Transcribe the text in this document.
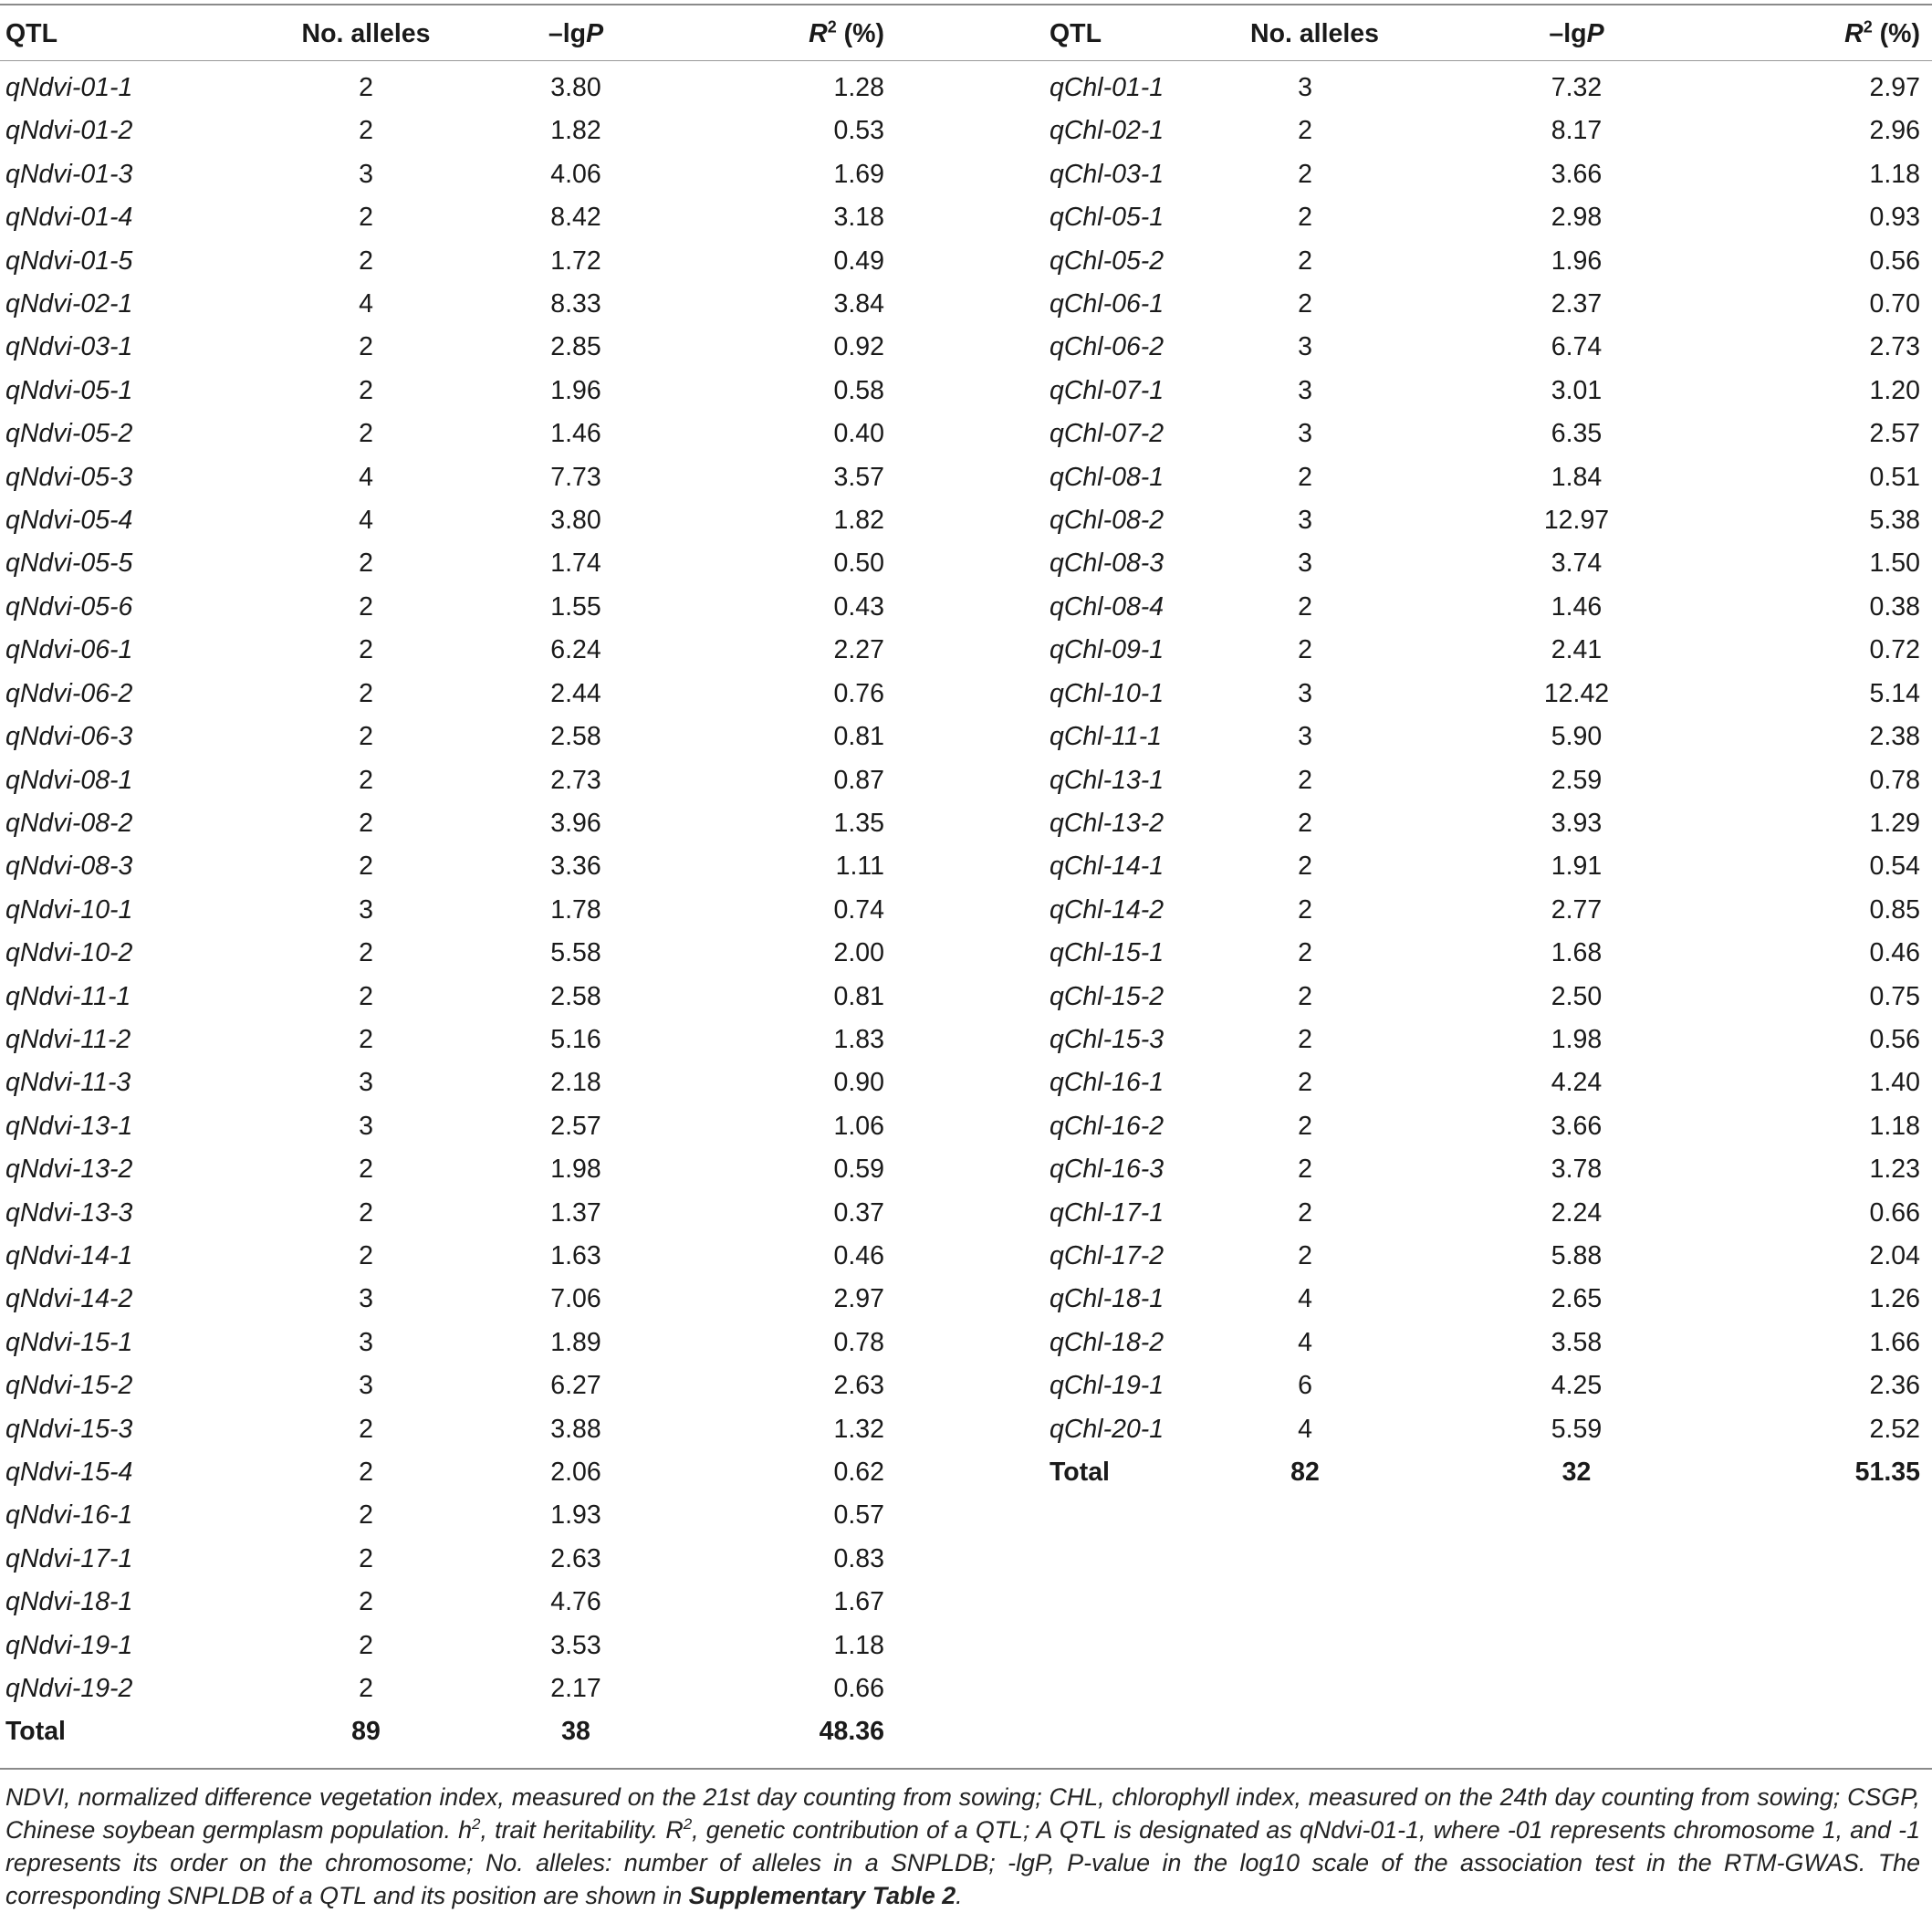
QTL	No. alleles	–lgP	$R^2$ (%)

qNdvi-01-1	2	3.80	1.28
qNdvi-01-2	2	1.82	0.53
qNdvi-01-3	3	4.06	1.69
qNdvi-01-4	2	8.42	3.18
qNdvi-01-5	2	1.72	0.49
qNdvi-02-1	4	8.33	3.84
qNdvi-03-1	2	2.85	0.92
qNdvi-05-1	2	1.96	0.58
qNdvi-05-2	2	1.46	0.40
qNdvi-05-3	4	7.73	3.57
qNdvi-05-4	4	3.80	1.82
qNdvi-05-5	2	1.74	0.50
qNdvi-05-6	2	1.55	0.43
qNdvi-06-1	2	6.24	2.27
qNdvi-06-2	2	2.44	0.76
qNdvi-06-3	2	2.58	0.81
qNdvi-08-1	2	2.73	0.87
qNdvi-08-2	2	3.96	1.35
qNdvi-08-3	2	3.36	1.11
qNdvi-10-1	3	1.78	0.74
qNdvi-10-2	2	5.58	2.00
qNdvi-11-1	2	2.58	0.81
qNdvi-11-2	2	5.16	1.83
qNdvi-11-3	3	2.18	0.90
qNdvi-13-1	3	2.57	1.06
qNdvi-13-2	2	1.98	0.59
qNdvi-13-3	2	1.37	0.37
qNdvi-14-1	2	1.63	0.46
qNdvi-14-2	3	7.06	2.97
qNdvi-15-1	3	1.89	0.78
qNdvi-15-2	3	6.27	2.63
qNdvi-15-3	2	3.88	1.32
qNdvi-15-4	2	2.06	0.62
qNdvi-16-1	2	1.93	0.57
qNdvi-17-1	2	2.63	0.83
qNdvi-18-1	2	4.76	1.67
qNdvi-19-1	2	3.53	1.18
qNdvi-19-2	2	2.17	0.66
Total	89	38	48.36
QTL	No. alleles	–lgP	$R^2$ (%)

qChl-01-1	3	7.32	2.97
qChl-02-1	2	8.17	2.96
qChl-03-1	2	3.66	1.18
qChl-05-1	2	2.98	0.93
qChl-05-2	2	1.96	0.56
qChl-06-1	2	2.37	0.70
qChl-06-2	3	6.74	2.73
qChl-07-1	3	3.01	1.20
qChl-07-2	3	6.35	2.57
qChl-08-1	2	1.84	0.51
qChl-08-2	3	12.97	5.38
qChl-08-3	3	3.74	1.50
qChl-08-4	2	1.46	0.38
qChl-09-1	2	2.41	0.72
qChl-10-1	3	12.42	5.14
qChl-11-1	3	5.90	2.38
qChl-13-1	2	2.59	0.78
qChl-13-2	2	3.93	1.29
qChl-14-1	2	1.91	0.54
qChl-14-2	2	2.77	0.85
qChl-15-1	2	1.68	0.46
qChl-15-2	2	2.50	0.75
qChl-15-3	2	1.98	0.56
qChl-16-1	2	4.24	1.40
qChl-16-2	2	3.66	1.18
qChl-16-3	2	3.78	1.23
qChl-17-1	2	2.24	0.66
qChl-17-2	2	5.88	2.04
qChl-18-1	4	2.65	1.26
qChl-18-2	4	3.58	1.66
qChl-19-1	6	4.25	2.36
qChl-20-1	4	5.59	2.52
Total	82	32	51.35
NDVI, normalized difference vegetation index, measured on the 21st day counting from sowing; CHL, chlorophyll index, measured on the 24th day counting from sowing; CSGP, Chinese soybean germplasm population. $h^2$, trait heritability. $R^2$, genetic contribution of a QTL; A QTL is designated as qNdvi-01-1, where -01 represents chromosome 1, and -1 represents its order on the chromosome; No. alleles: number of alleles in a SNPLDB; -lgP, P-value in the log10 scale of the association test in the RTM-GWAS. The corresponding SNPLDB of a QTL and its position are shown in Supplementary Table 2.
